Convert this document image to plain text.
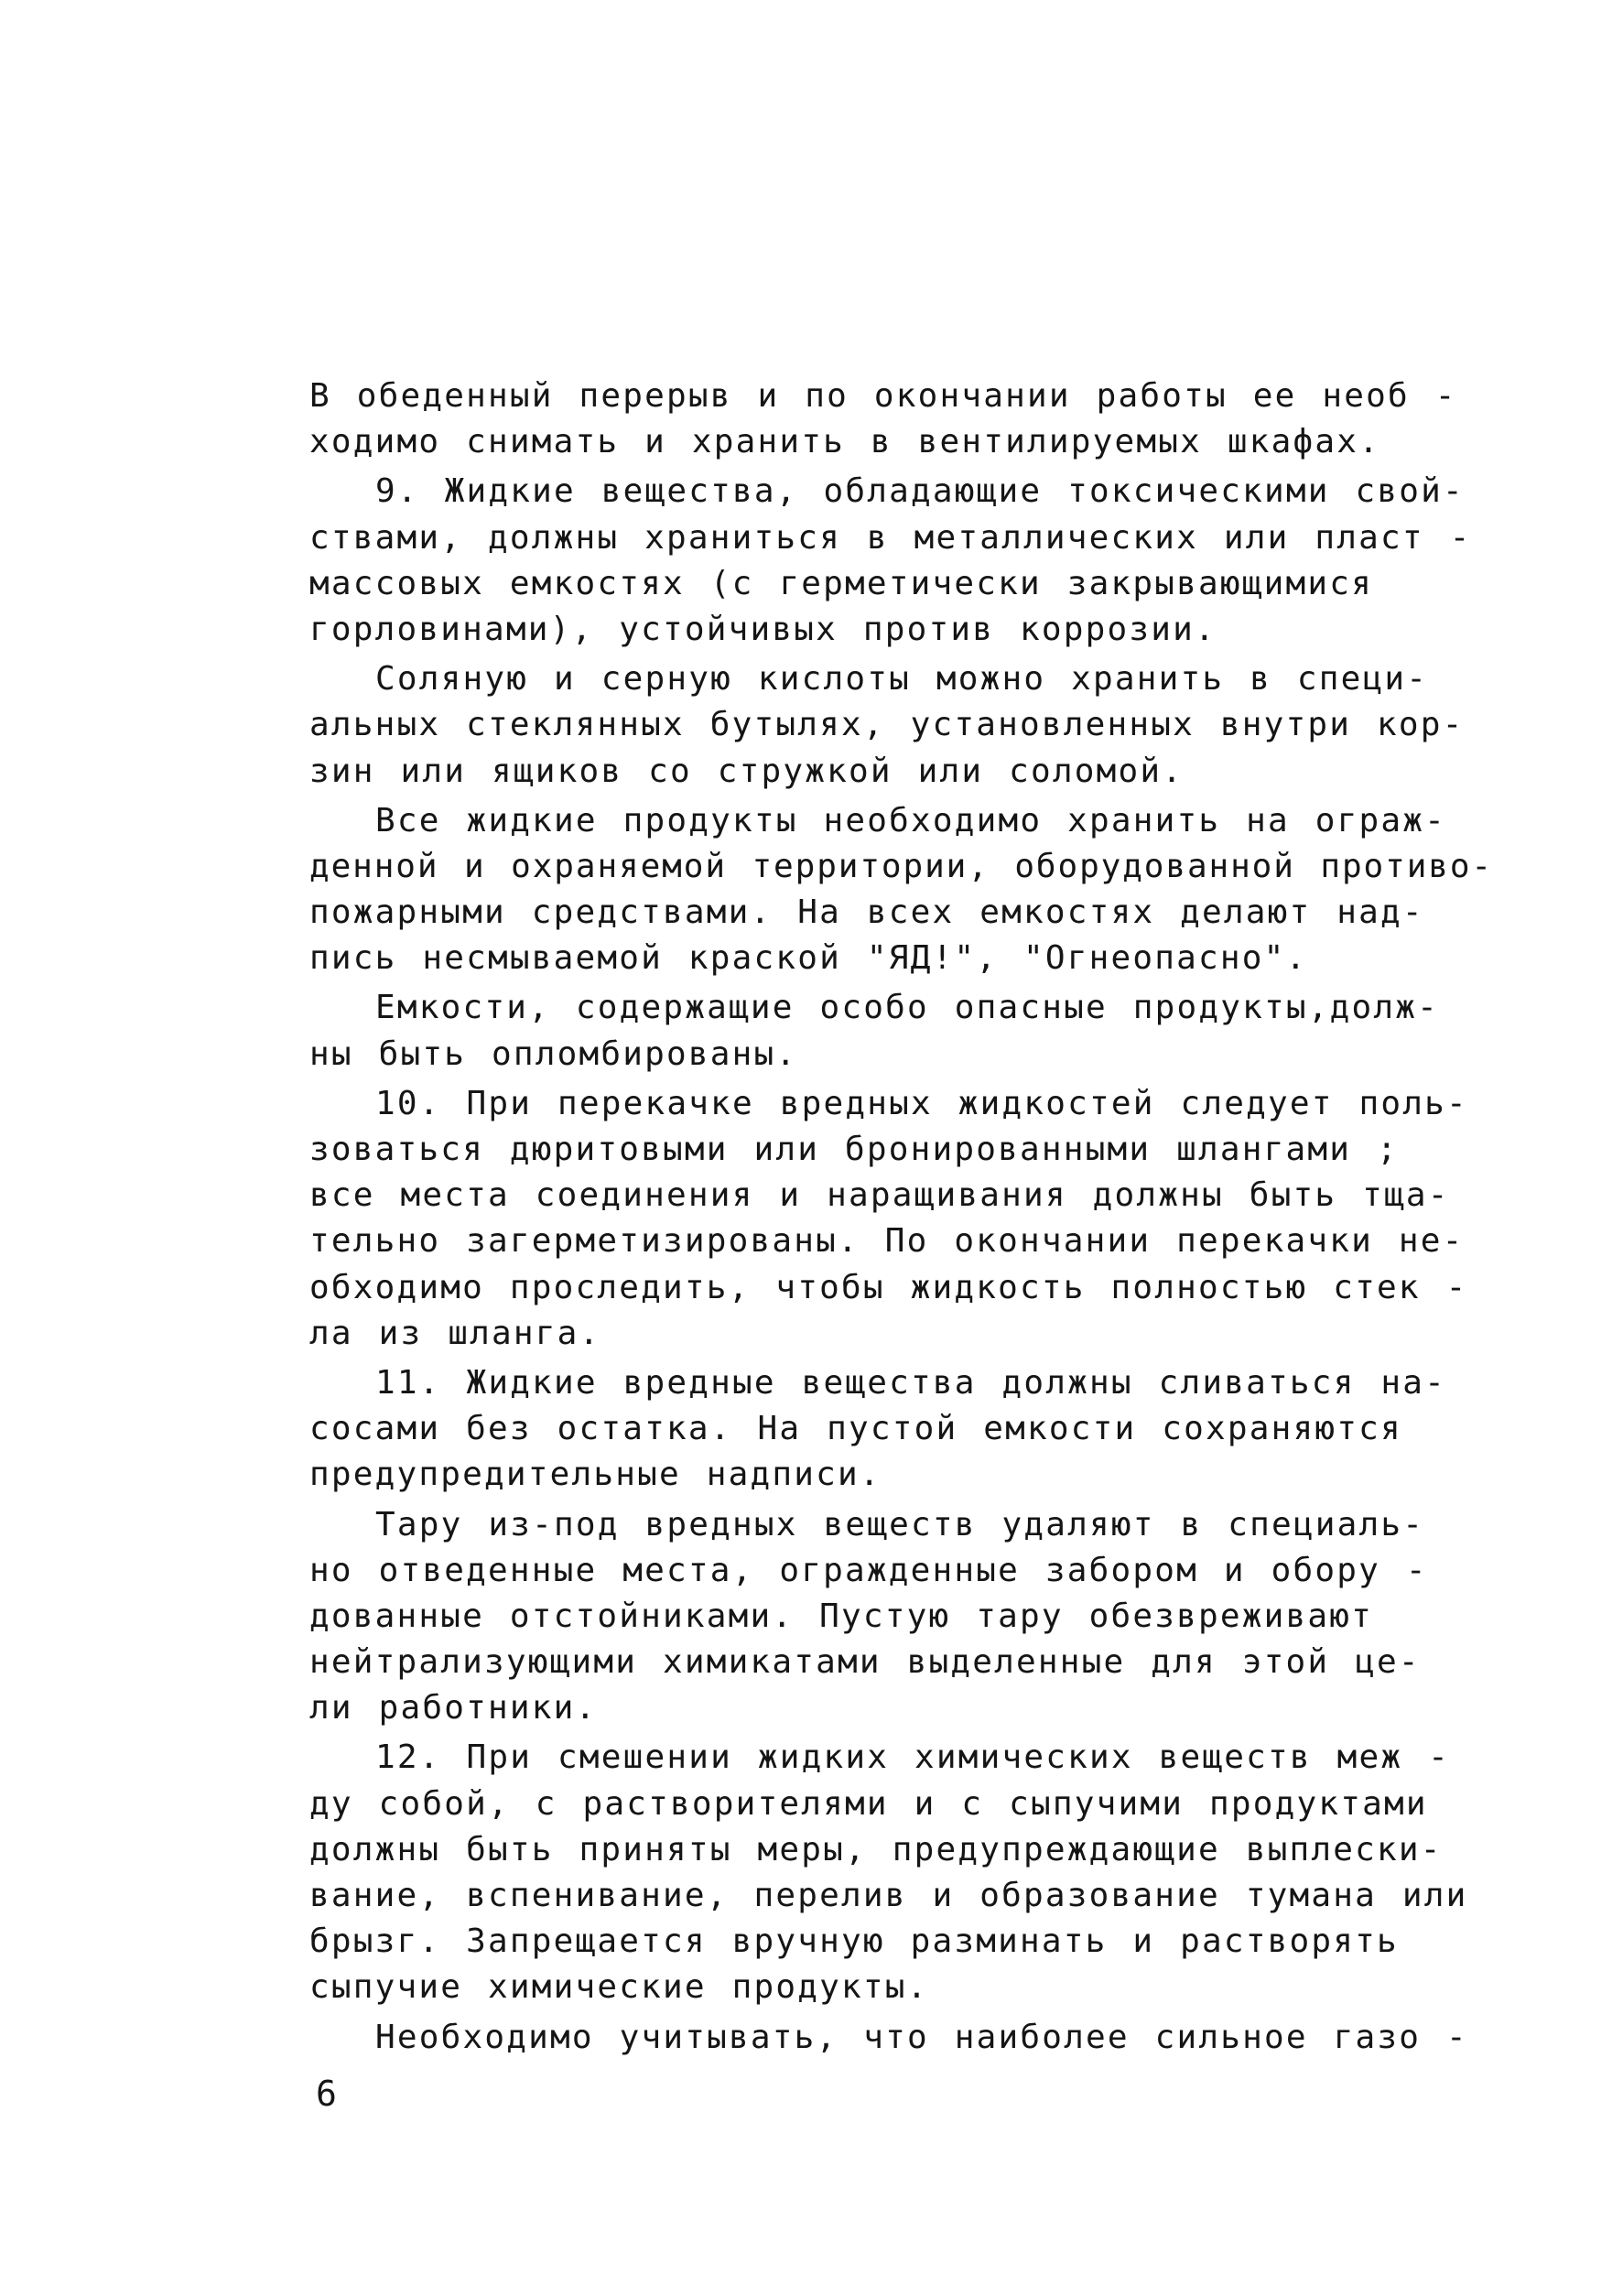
В обеденный перерыв и по окончании работы ее необ -
ходимо снимать и хранить в вентилируемых шкафах.
9. Жидкие вещества, обладающие токсическими свой-
ствами, должны храниться в металлических или пласт -
массовых емкостях (с герметически закрывающимися
горловинами), устойчивых против коррозии.
Соляную и серную кислоты можно хранить в специ-
альных стеклянных бутылях, установленных внутри кор-
зин или ящиков со стружкой или соломой.
Все жидкие продукты необходимо хранить на ограж-
денной и охраняемой территории, оборудованной противо-
пожарными средствами. На всех емкостях делают над-
пись несмываемой краской "ЯД!", "Огнеопасно".
Емкости, содержащие особо опасные продукты,долж-
ны быть опломбированы.
10. При перекачке вредных жидкостей следует поль-
зоваться дюритовыми или бронированными шлангами ;
все места соединения и наращивания должны быть тща-
тельно загерметизированы. По окончании перекачки не-
обходимо проследить, чтобы жидкость полностью стек -
ла из шланга.
11. Жидкие вредные вещества должны сливаться на-
сосами без остатка. На пустой емкости сохраняются
предупредительные надписи.
Тару из-под вредных веществ удаляют в специаль-
но отведенные места, огражденные забором и обору -
дованные отстойниками. Пустую тару обезвреживают
нейтрализующими химикатами выделенные для этой це-
ли работники.
12. При смешении жидких химических веществ меж -
ду собой, с растворителями и с сыпучими продуктами
должны быть приняты меры, предупреждающие выплески-
вание, вспенивание, перелив и образование тумана или
брызг. Запрещается вручную разминать и растворять
сыпучие химические продукты.
Необходимо учитывать, что наиболее сильное газо -
6
